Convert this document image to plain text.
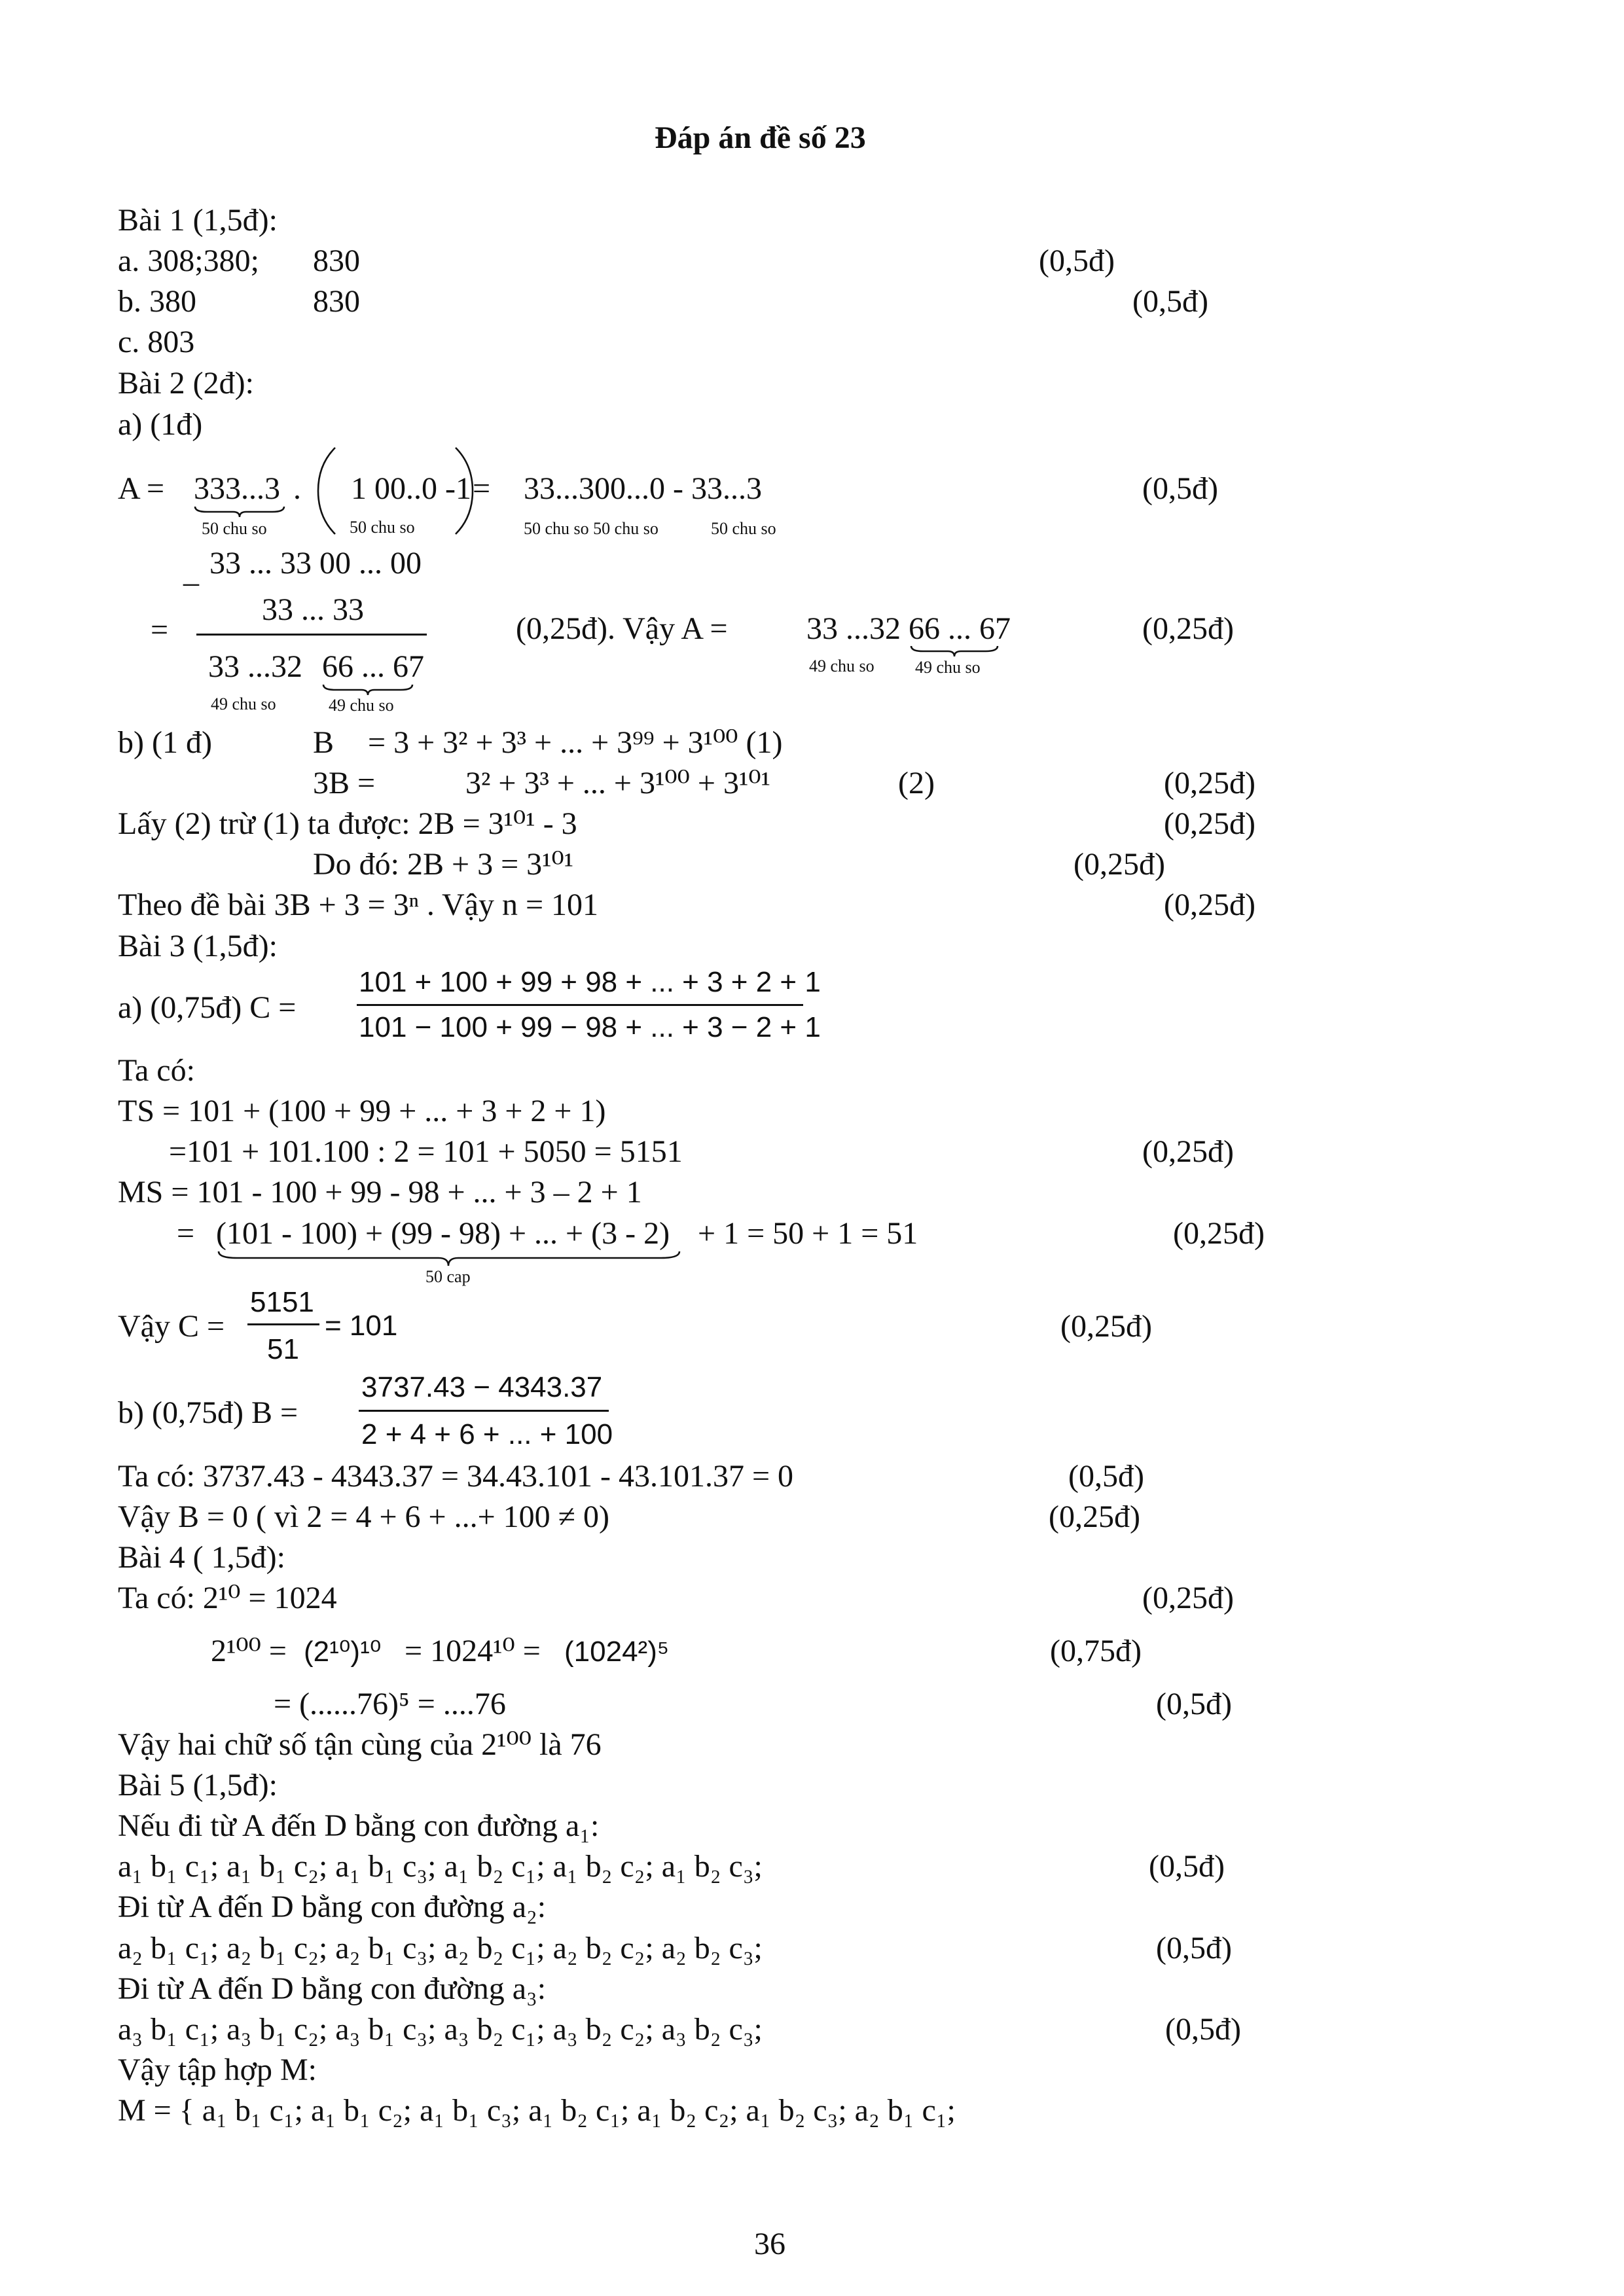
Đáp án đề số 23
Bài 1 (1,5đ):
a. 308;380; 830	(0,5đ)
b. 380	830	(0,5đ)
c. 803
Bài 2 (2đ):
a) (1đ)
A = 333...3
50 chu so
. 1 00..0 -1
50 chu so
= 33...300...0 - 33...3
50 chu so 50 chu so	50 chu so
(0,5đ)
_ 33 ... 33 00 ... 00
=
33 ... 33
33 ...32 66 ... 67
49 chu so	49 chu so
(0,25đ). Vậy A =	33 ...32 66 ... 67
49 chu so 49 chu so
(0,25đ)
b) (1 đ)	B = 3 + 3² + 3³ + ... + 3⁹⁹ + 3¹⁰⁰ (1)
3B =	3² + 3³ + ... + 3¹⁰⁰ + 3¹⁰¹	(2)	(0,25đ)
Lấy (2) trừ (1) ta được: 2B = 3¹⁰¹ - 3	(0,25đ)
Do đó: 2B + 3 = 3¹⁰¹	(0,25đ)
Theo đề bài 3B + 3 = 3ⁿ . Vậy n = 101	(0,25đ)
Bài 3 (1,5đ):
a) (0,75đ) C =
101 + 100 + 99 + 98 + ... + 3 + 2 + 1
101 − 100 + 99 − 98 + ... + 3 − 2 + 1
Ta có:
TS = 101 + (100 + 99 + ... + 3 + 2 + 1)
=101 + 101.100 : 2 = 101 + 5050 = 5151	(0,25đ)
MS = 101 - 100 + 99 - 98 + ... + 3 – 2 + 1
= (101 - 100) + (99 - 98) + ... + (3 - 2)
50 cap
+ 1 = 50 + 1 = 51	(0,25đ)
Vậy C =
5151
51
= 101	(0,25đ)
b) (0,75đ) B =
3737.43 − 4343.37
2 + 4 + 6 + ... + 100
Ta có: 3737.43 - 4343.37 = 34.43.101 - 43.101.37 = 0	(0,5đ)
Vậy B = 0 ( vì 2 = 4 + 6 + ...+ 100 ≠ 0)	(0,25đ)
Bài 4 ( 1,5đ):
Ta có: 2¹⁰ = 1024	(0,25đ)
2¹⁰⁰ = (2¹⁰)¹⁰ = 1024¹⁰ = (1024²)⁵	(0,75đ)
= (......76)⁵ = ....76	(0,5đ)
Vậy hai chữ số tận cùng của 2¹⁰⁰ là 76
Bài 5 (1,5đ):
Nếu đi từ A đến D bằng con đường a₁:
a₁ b₁ c₁; a₁ b₁ c₂; a₁ b₁ c₃; a₁ b₂ c₁; a₁ b₂ c₂; a₁ b₂ c₃;	(0,5đ)
Đi từ A đến D bằng con đường a₂:
a₂ b₁ c₁; a₂ b₁ c₂; a₂ b₁ c₃; a₂ b₂ c₁; a₂ b₂ c₂; a₂ b₂ c₃;	(0,5đ)
Đi từ A đến D bằng con đường a₃:
a₃ b₁ c₁; a₃ b₁ c₂; a₃ b₁ c₃; a₃ b₂ c₁; a₃ b₂ c₂; a₃ b₂ c₃;	(0,5đ)
Vậy tập hợp M:
M = { a₁ b₁ c₁; a₁ b₁ c₂; a₁ b₁ c₃; a₁ b₂ c₁; a₁ b₂ c₂; a₁ b₂ c₃; a₂ b₁ c₁;
36
